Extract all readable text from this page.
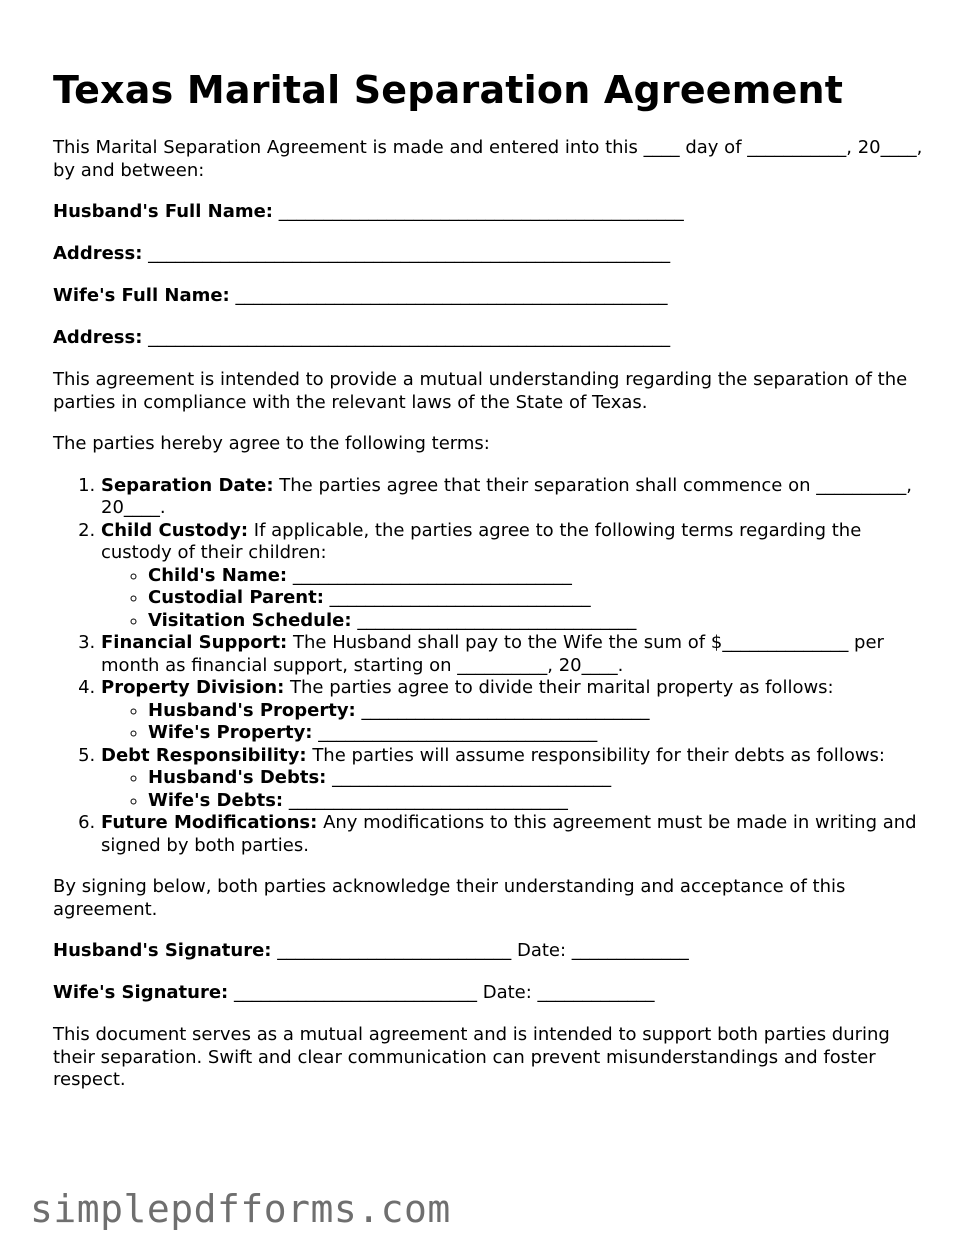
Texas Marital Separation Agreement

This Marital Separation Agreement is made and entered into this ____ day of ___________, 20____, by and between:

Husband's Full Name: _____________________________________________

Address: __________________________________________________________

Wife's Full Name: ________________________________________________

Address: __________________________________________________________

This agreement is intended to provide a mutual understanding regarding the separation of the parties in compliance with the relevant laws of the State of Texas.

The parties hereby agree to the following terms:

1. Separation Date: The parties agree that their separation shall commence on __________, 20____.
2. Child Custody: If applicable, the parties agree to the following terms regarding the custody of their children:
◦ Child's Name: _______________________________
◦ Custodial Parent: _____________________________
◦ Visitation Schedule: _______________________________
3. Financial Support: The Husband shall pay to the Wife the sum of $______________ per month as financial support, starting on __________, 20____.
4. Property Division: The parties agree to divide their marital property as follows:
◦ Husband's Property: ________________________________
◦ Wife's Property: _______________________________
5. Debt Responsibility: The parties will assume responsibility for their debts as follows:
◦ Husband's Debts: _______________________________
◦ Wife's Debts: _______________________________
6. Future Modifications: Any modifications to this agreement must be made in writing and signed by both parties.

By signing below, both parties acknowledge their understanding and acceptance of this agreement.

Husband's Signature: __________________________ Date: _____________

Wife's Signature: ___________________________ Date: _____________

This document serves as a mutual agreement and is intended to support both parties during their separation. Swift and clear communication can prevent misunderstandings and foster respect.

simplepdfforms.com
